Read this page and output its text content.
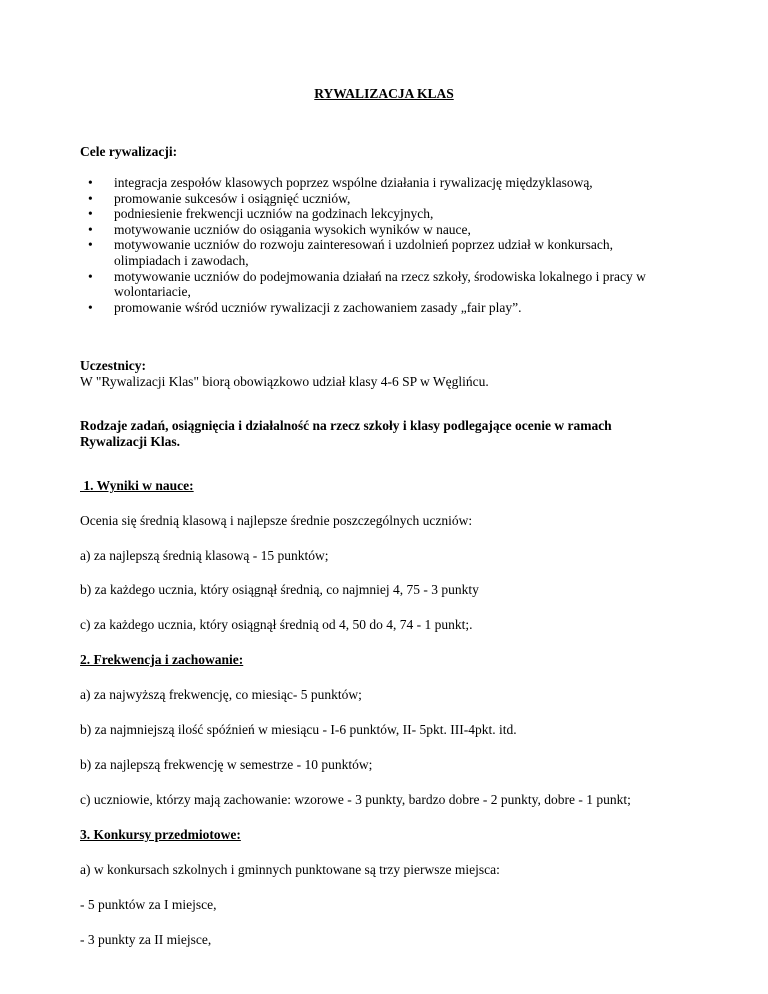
RYWALIZACJA KLAS
Cele rywalizacji:
• integracja zespołów klasowych poprzez wspólne działania i rywalizację międzyklasową,
• promowanie sukcesów i osiągnięć uczniów,
• podniesienie frekwencji uczniów na godzinach lekcyjnych,
• motywowanie uczniów do osiągania wysokich wyników w nauce,
• motywowanie uczniów do rozwoju zainteresowań i uzdolnień poprzez udział w konkursach, olimpiadach i zawodach,
• motywowanie uczniów do podejmowania działań na rzecz szkoły, środowiska lokalnego i pracy w wolontariacie,
• promowanie wśród uczniów rywalizacji z zachowaniem zasady „fair play”.
Uczestnicy:
W "Rywalizacji Klas" biorą obowiązkowo udział klasy 4-6 SP w Węglińcu.
Rodzaje zadań, osiągnięcia i działalność na rzecz szkoły i klasy podlegające ocenie w ramach
Rywalizacji Klas.
1. Wyniki w nauce:
Ocenia się średnią klasową i najlepsze średnie poszczególnych uczniów:
a) za najlepszą średnią klasową - 15 punktów;
b) za każdego ucznia, który osiągnął średnią, co najmniej 4, 75 - 3 punkty
c) za każdego ucznia, który osiągnął średnią od 4, 50 do 4, 74 - 1 punkt;.
2. Frekwencja i zachowanie:
a) za najwyższą frekwencję, co miesiąc- 5 punktów;
b) za najmniejszą ilość spóźnień w miesiącu - I-6 punktów, II- 5pkt. III-4pkt. itd.
b) za najlepszą frekwencję w semestrze - 10 punktów;
c) uczniowie, którzy mają zachowanie: wzorowe - 3 punkty, bardzo dobre - 2 punkty, dobre - 1 punkt;
3. Konkursy przedmiotowe:
a) w konkursach szkolnych i gminnych punktowane są trzy pierwsze miejsca:
- 5 punktów za I miejsce,
- 3 punkty za II miejsce,
